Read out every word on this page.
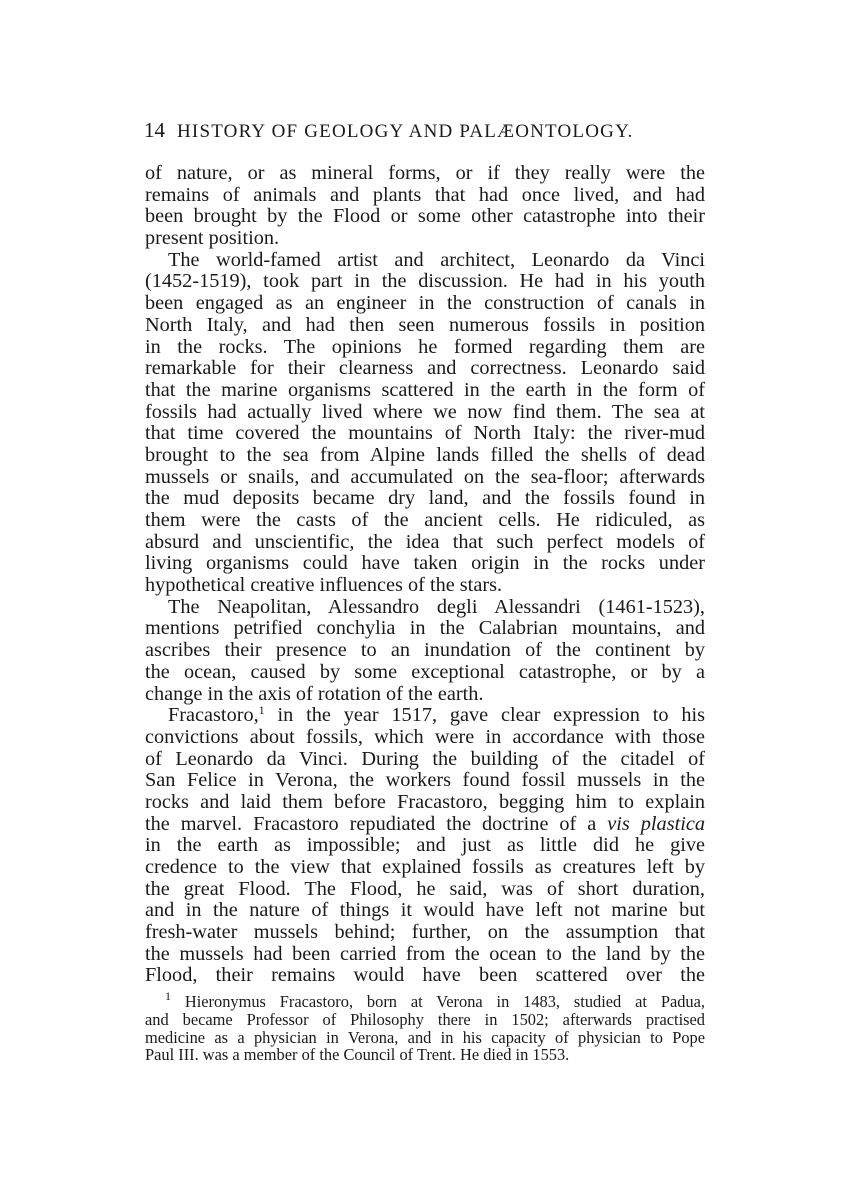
14 HISTORY OF GEOLOGY AND PALÆONTOLOGY.
of nature, or as mineral forms, or if they really were the
remains of animals and plants that had once lived, and had
been brought by the Flood or some other catastrophe into their
present position.
The world-famed artist and architect, Leonardo da Vinci
(1452-1519), took part in the discussion. He had in his youth
been engaged as an engineer in the construction of canals in
North Italy, and had then seen numerous fossils in position
in the rocks. The opinions he formed regarding them are
remarkable for their clearness and correctness. Leonardo said
that the marine organisms scattered in the earth in the form of
fossils had actually lived where we now find them. The sea at
that time covered the mountains of North Italy: the river-mud
brought to the sea from Alpine lands filled the shells of dead
mussels or snails, and accumulated on the sea-floor; afterwards
the mud deposits became dry land, and the fossils found in
them were the casts of the ancient cells. He ridiculed, as
absurd and unscientific, the idea that such perfect models of
living organisms could have taken origin in the rocks under
hypothetical creative influences of the stars.
The Neapolitan, Alessandro degli Alessandri (1461-1523),
mentions petrified conchylia in the Calabrian mountains, and
ascribes their presence to an inundation of the continent by
the ocean, caused by some exceptional catastrophe, or by a
change in the axis of rotation of the earth.
Fracastoro,$^1$ in the year 1517, gave clear expression to his
convictions about fossils, which were in accordance with those
of Leonardo da Vinci. During the building of the citadel of
San Felice in Verona, the workers found fossil mussels in the
rocks and laid them before Fracastoro, begging him to explain
the marvel. Fracastoro repudiated the doctrine of a vis plastica
in the earth as impossible; and just as little did he give
credence to the view that explained fossils as creatures left by
the great Flood. The Flood, he said, was of short duration,
and in the nature of things it would have left not marine but
fresh-water mussels behind; further, on the assumption that
the mussels had been carried from the ocean to the land by the
Flood, their remains would have been scattered over the
$^1$ Hieronymus Fracastoro, born at Verona in 1483, studied at Padua,
and became Professor of Philosophy there in 1502; afterwards practised
medicine as a physician in Verona, and in his capacity of physician to Pope
Paul III. was a member of the Council of Trent. He died in 1553.
